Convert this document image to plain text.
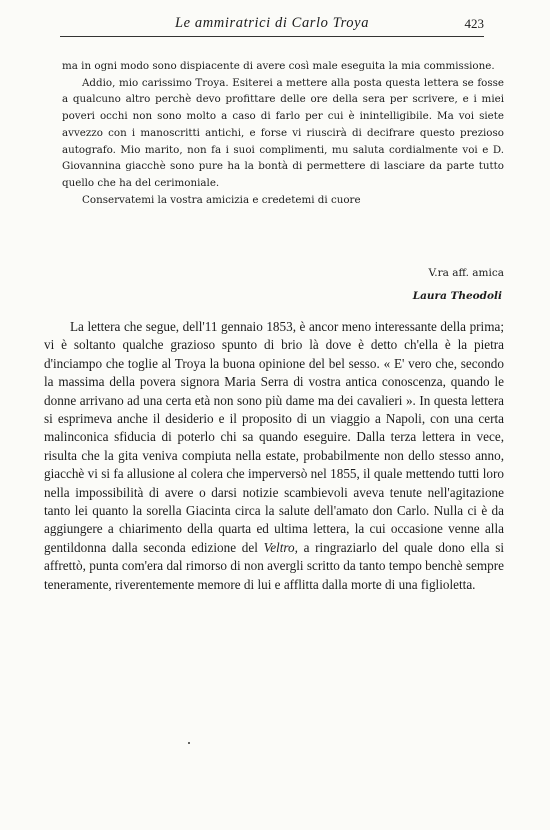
Le ammiratrici di Carlo Troya	423

ma in ogni modo sono dispiacente di avere così male eseguita la mia commissione.

Addio, mio carissimo Troya. Esiterei a mettere alla posta questa lettera se fosse a qualcuno altro perchè devo profittare delle ore della sera per scrivere, e i miei poveri occhi non sono molto a caso di farlo per cui è inintelligibile. Ma voi siete avvezzo con i manoscritti antichi, e forse vi riuscirà di decifrare questo prezioso autografo. Mio marito, non fa i suoi complimenti, mu saluta cordialmente voi e D. Giovannina giacchè sono pure ha la bontà di permettere di lasciare da parte tutto quello che ha del cerimoniale.

Conservatemi la vostra amicizia e credetemi di cuore

V.ra aff. amica
Laura Theodoli

La lettera che segue, dell'11 gennaio 1853, è ancor meno interessante della prima; vi è soltanto qualche grazioso spunto di brio là dove è detto ch'ella è la pietra d'inciampo che toglie al Troya la buona opinione del bel sesso. « E' vero che, secondo la massima della povera signora Maria Serra di vostra antica conoscenza, quando le donne arrivano ad una certa età non sono più dame ma dei cavalieri ». In questa lettera si esprimeva anche il desiderio e il proposito di un viaggio a Napoli, con una certa malinconica sfiducia di poterlo chi sa quando eseguire. Dalla terza lettera in vece, risulta che la gita veniva compiuta nella estate, probabilmente non dello stesso anno, giacchè vi si fa allusione al colera che imperversò nel 1855, il quale mettendo tutti loro nella impossibilità di avere o darsi notizie scambievoli aveva tenute nell'agitazione tanto lei quanto la sorella Giacinta circa la salute dell'amato don Carlo. Nulla ci è da aggiungere a chiarimento della quarta ed ultima lettera, la cui occasione venne alla gentildonna dalla seconda edizione del Veltro, a ringraziarlo del quale dono ella si affrettò, punta com'era dal rimorso di non avergli scritto da tanto tempo benchè sempre teneramente, riverentemente memore di lui e afflitta dalla morte di una figlioletta.
